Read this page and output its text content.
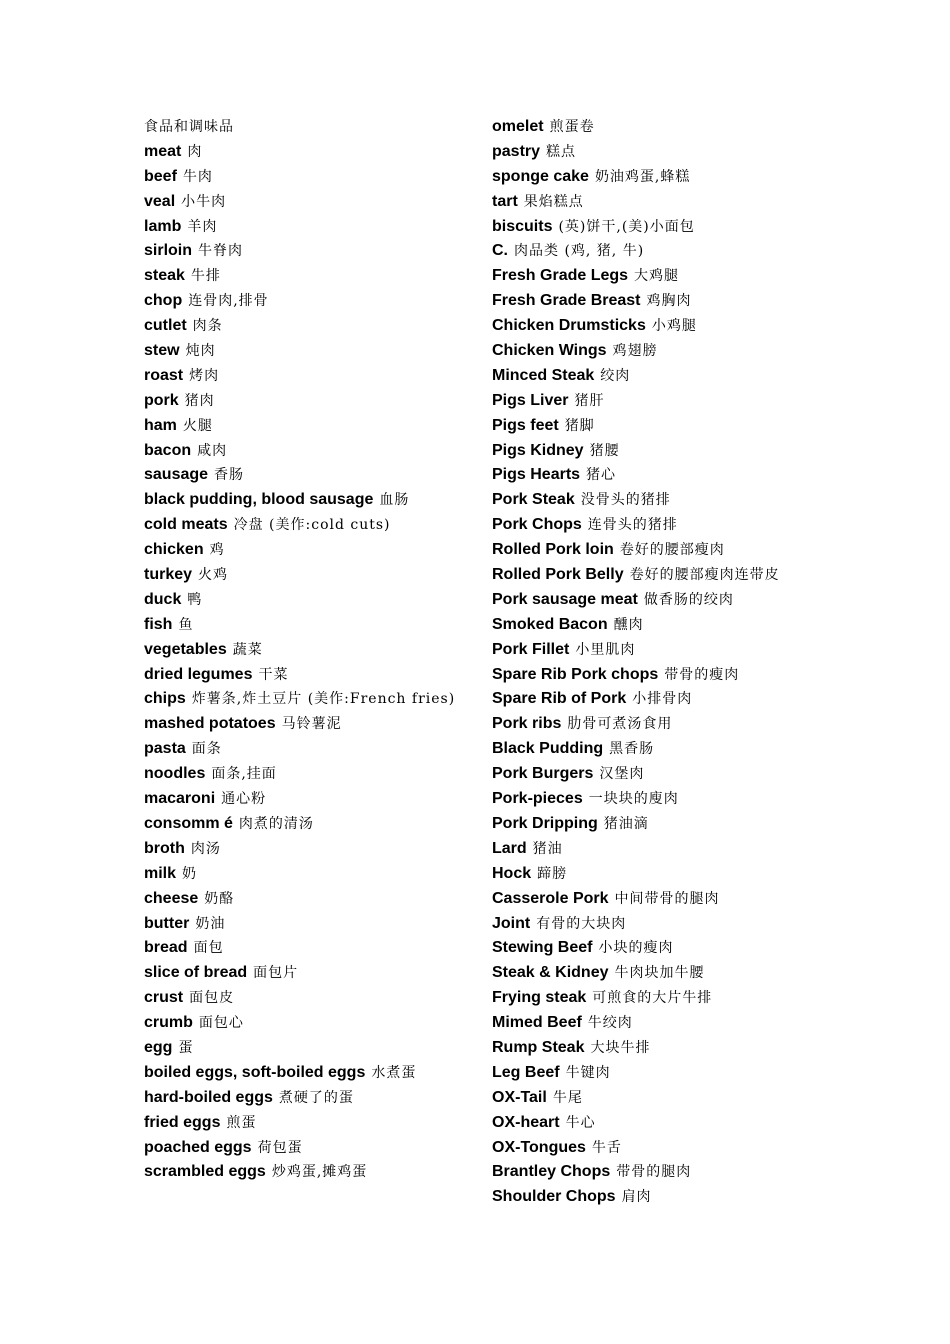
食品和调味品
meat 肉
beef 牛肉
veal 小牛肉
lamb 羊肉
sirloin 牛脊肉
steak 牛排
chop 连骨肉,排骨
cutlet 肉条
stew 炖肉
roast 烤肉
pork 猪肉
ham 火腿
bacon 咸肉
sausage 香肠
black pudding, blood sausage 血肠
cold meats 冷盘 (美作:cold cuts)
chicken 鸡
turkey 火鸡
duck 鸭
fish 鱼
vegetables 蔬菜
dried legumes 干菜
chips 炸薯条,炸土豆片 (美作:French fries)
mashed potatoes 马铃薯泥
pasta 面条
noodles 面条,挂面
macaroni 通心粉
consomm é 肉煮的清汤
broth 肉汤
milk 奶
cheese 奶酪
butter 奶油
bread 面包
slice of bread 面包片
crust 面包皮
crumb 面包心
egg 蛋
boiled eggs, soft-boiled eggs 水煮蛋
hard-boiled eggs 煮硬了的蛋
fried eggs 煎蛋
poached eggs 荷包蛋
scrambled eggs 炒鸡蛋,摊鸡蛋
omelet 煎蛋卷
pastry 糕点
sponge cake 奶油鸡蛋,蜂糕
tart 果焰糕点
biscuits (英)饼干,(美)小面包
C. 肉品类 (鸡, 猪, 牛)
Fresh Grade Legs 大鸡腿
Fresh Grade Breast 鸡胸肉
Chicken Drumsticks 小鸡腿
Chicken Wings 鸡翅膀
Minced Steak 绞肉
Pigs Liver 猪肝
Pigs feet 猪脚
Pigs Kidney 猪腰
Pigs Hearts 猪心
Pork Steak 没骨头的猪排
Pork Chops 连骨头的猪排
Rolled Pork loin 卷好的腰部瘦肉
Rolled Pork Belly 卷好的腰部瘦肉连带皮
Pork sausage meat 做香肠的绞肉
Smoked Bacon 醺肉
Pork Fillet 小里肌肉
Spare Rib Pork chops 带骨的瘦肉
Spare Rib of Pork 小排骨肉
Pork ribs 肋骨可煮汤食用
Black Pudding 黑香肠
Pork Burgers 汉堡肉
Pork-pieces 一块块的廋肉
Pork Dripping 猪油滴
Lard 猪油
Hock 蹄膀
Casserole Pork 中间带骨的腿肉
Joint 有骨的大块肉
Stewing Beef 小块的瘦肉
Steak & Kidney 牛肉块加牛腰
Frying steak 可煎食的大片牛排
Mimed Beef 牛绞肉
Rump Steak 大块牛排
Leg Beef 牛键肉
OX-Tail 牛尾
OX-heart 牛心
OX-Tongues 牛舌
Brantley Chops 带骨的腿肉
Shoulder Chops 肩肉
